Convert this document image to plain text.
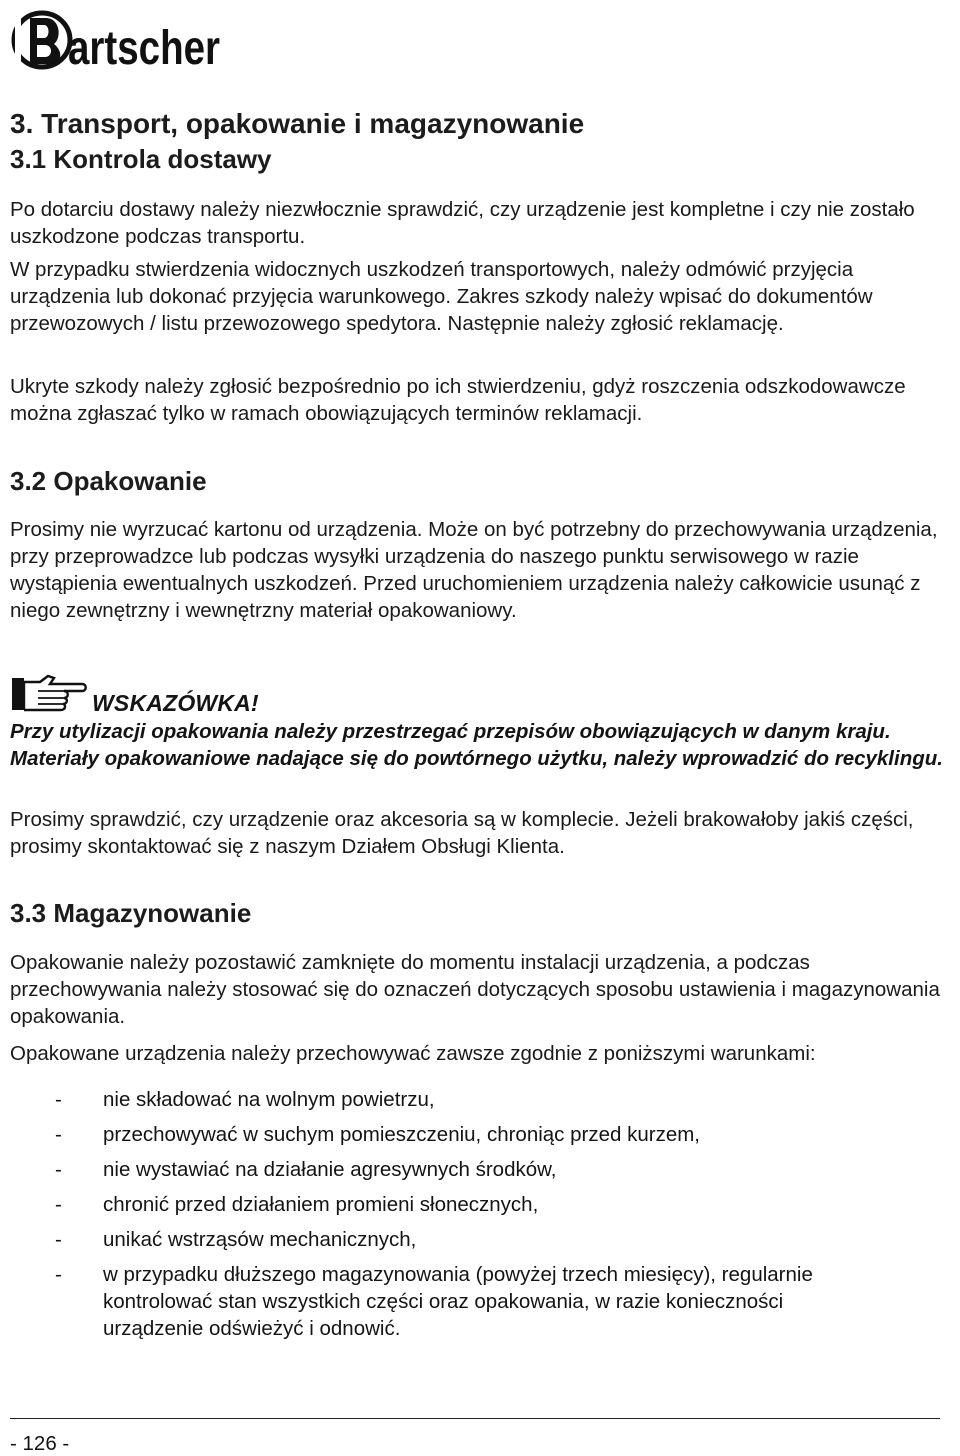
artscher
3. Transport, opakowanie i magazynowanie
3.1 Kontrola dostawy

Po dotarciu dostawy należy niezwłocznie sprawdzić, czy urządzenie jest kompletne i czy nie zostało uszkodzone podczas transportu.

W przypadku stwierdzenia widocznych uszkodzeń transportowych, należy odmówić przyjęcia urządzenia lub dokonać przyjęcia warunkowego. Zakres szkody należy wpisać do dokumentów przewozowych / listu przewozowego spedytora. Następnie należy zgłosić reklamację.

Ukryte szkody należy zgłosić bezpośrednio po ich stwierdzeniu, gdyż roszczenia odszkodowawcze można zgłaszać tylko w ramach obowiązujących terminów reklamacji.

3.2 Opakowanie

Prosimy nie wyrzucać kartonu od urządzenia. Może on być potrzebny do przechowywania urządzenia, przy przeprowadzce lub podczas wysyłki urządzenia do naszego punktu serwisowego w razie wystąpienia ewentualnych uszkodzeń. Przed uruchomieniem urządzenia należy całkowicie usunąć z niego zewnętrzny i wewnętrzny materiał opakowaniowy.

WSKAZÓWKA!

Przy utylizacji opakowania należy przestrzegać przepisów obowiązujących w danym kraju. Materiały opakowaniowe nadające się do powtórnego użytku, należy wprowadzić do recyklingu.

Prosimy sprawdzić, czy urządzenie oraz akcesoria są w komplecie. Jeżeli brakowałoby jakiś części, prosimy skontaktować się z naszym Działem Obsługi Klienta.

3.3 Magazynowanie

Opakowanie należy pozostawić zamknięte do momentu instalacji urządzenia, a podczas przechowywania należy stosować się do oznaczeń dotyczących sposobu ustawienia i magazynowania opakowania.

Opakowane urządzenia należy przechowywać zawsze zgodnie z poniższymi warunkami:

- nie składować na wolnym powietrzu,
- przechowywać w suchym pomieszczeniu, chroniąc przed kurzem,
- nie wystawiać na działanie agresywnych środków,
- chronić przed działaniem promieni słonecznych,
- unikać wstrząsów mechanicznych,
- w przypadku dłuższego magazynowania (powyżej trzech miesięcy), regularnie kontrolować stan wszystkich części oraz opakowania, w razie konieczności urządzenie odświeżyć i odnowić.
- 126 -
